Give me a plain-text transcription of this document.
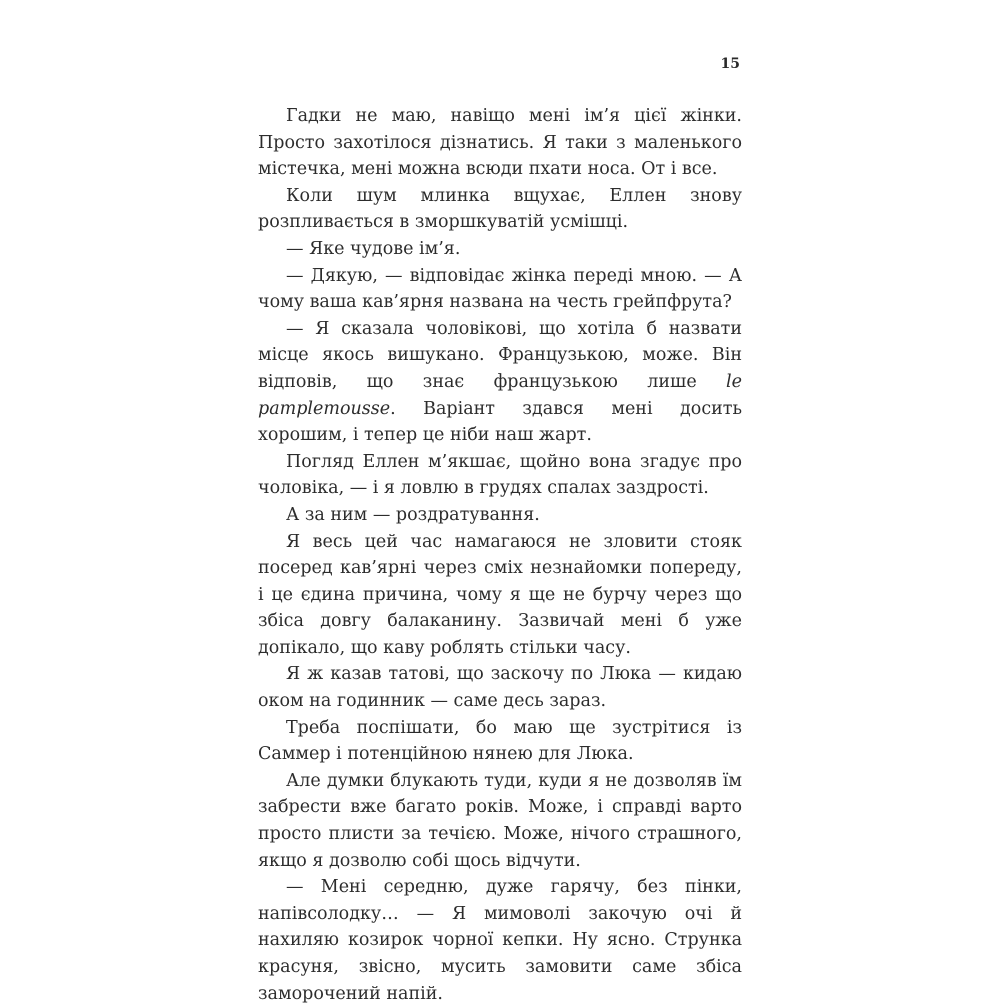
15

Гадки не маю, навіщо мені ім’я цієї жінки. Просто захотілося дізнатись. Я таки з маленького містечка, мені можна всюди пхати носа. От і все.

Коли шум млинка вщухає, Еллен знову розпливається в зморшкуватій усмішці.

— Яке чудове ім’я.

— Дякую, — відповідає жінка переді мною. — А чому ваша кав’ярня названа на честь грейпфрута?

— Я сказала чоловікові, що хотіла б назвати місце якось вишукано. Французькою, може. Він відповів, що знає французькою лише le pamplemousse. Варіант здався мені досить хорошим, і тепер це ніби наш жарт.

Погляд Еллен м’якшає, щойно вона згадує про чоловіка, — і я ловлю в грудях спалах заздрості.

А за ним — роздратування.

Я весь цей час намагаюся не зловити стояк посеред кав’ярні через сміх незнайомки попереду, і це єдина причина, чому я ще не бурчу через що збіса довгу балаканину. Зазвичай мені б уже допікало, що каву роблять стільки часу.

Я ж казав татові, що заскочу по Люка — кидаю оком на годинник — саме десь зараз.

Треба поспішати, бо маю ще зустрітися із Саммер і потенційною нянею для Люка.

Але думки блукають туди, куди я не дозволяв їм забрести вже багато років. Може, і справді варто просто плисти за течією. Може, нічого страшного, якщо я дозволю собі щось відчути.

— Мені середню, дуже гарячу, без пінки, напівсолодку… — Я мимоволі закочую очі й нахиляю козирок чорної кепки. Ну ясно. Струнка красуня, звісно, мусить замовити саме збіса заморочений напій.
